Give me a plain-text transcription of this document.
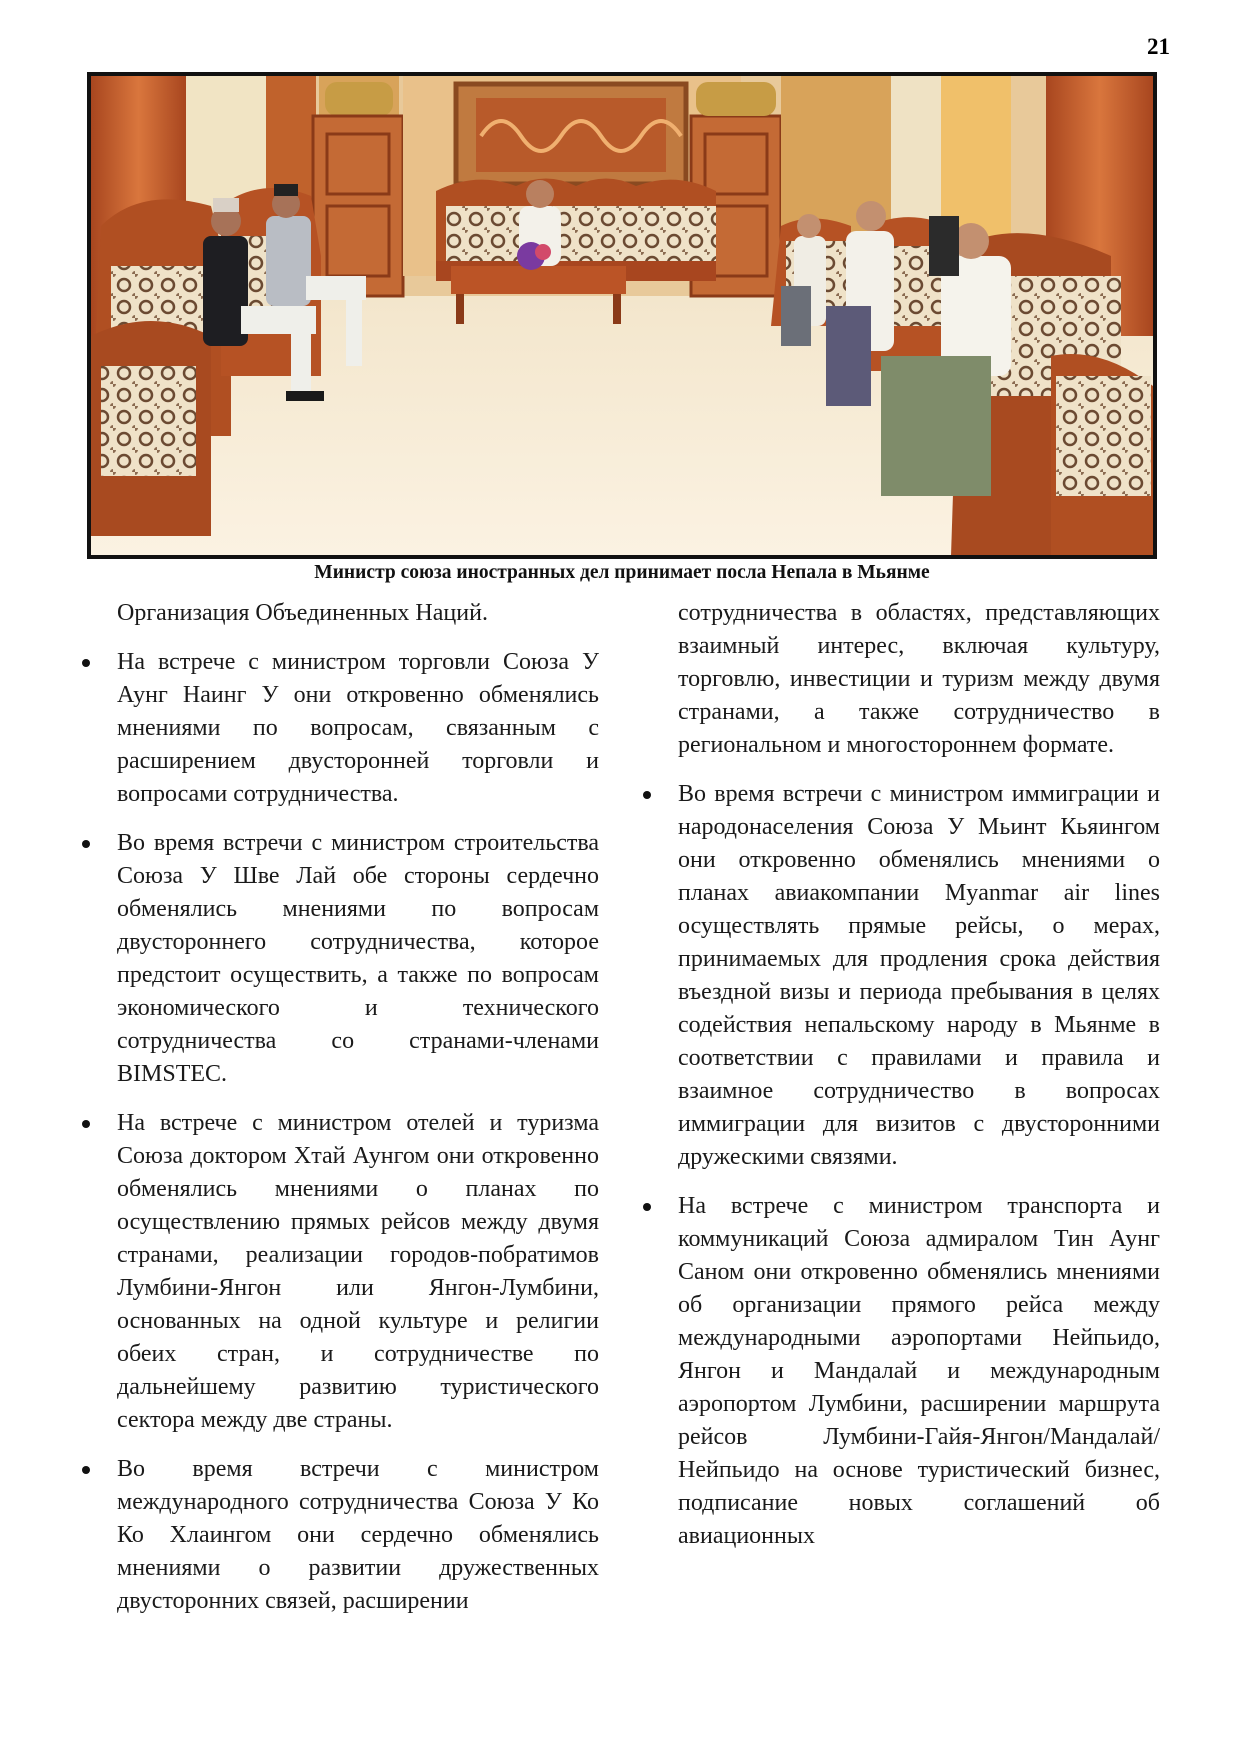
21
Министр союза иностранных дел принимает посла Непала в Мьянме

Организация Объединенных Наций.

На встрече с министром торговли Союза У Аунг Наинг У они откровенно обменялись мнениями по вопросам, связанным с расширением двусторонней торговли и вопросами сотрудничества.

Во время встречи с министром строительства Союза У Шве Лай обе стороны сердечно обменялись мнениями по вопросам двустороннего сотрудничества, которое предстоит осуществить, а также по вопросам экономического и технического сотрудничества со странами-членами BIMSTEC.

На встрече с министром отелей и туризма Союза доктором Хтай Аунгом они откровенно обменялись мнениями о планах по осуществлению прямых рейсов между двумя странами, реализации городов-побратимов Лумбини-Янгон или Янгон-Лумбини, основанных на одной культуре и религии обеих стран, и сотрудничестве по дальнейшему развитию туристического сектора между две страны.

Во время встречи с министром международного сотрудничества Союза У Ко Ко Хлаингом они сердечно обменялись мнениями о развитии дружественных двусторонних связей, расширении

сотрудничества в областях, представляющих взаимный интерес, включая культуру, торговлю, инвестиции и туризм между двумя странами, а также сотрудничество в региональном и многостороннем формате.

Во время встречи с министром иммиграции и народонаселения Союза У Мьинт Кьяингом они откровенно обменялись мнениями о планах авиакомпании Myanmar air lines осуществлять прямые рейсы, о мерах, принимаемых для продления срока действия въездной визы и периода пребывания в целях содействия непальскому народу в Мьянме в соответствии с правилами и правила и взаимное сотрудничество в вопросах иммиграции для визитов с двусторонними дружескими связями.

На встрече с министром транспорта и коммуникаций Союза адмиралом Тин Аунг Саном они откровенно обменялись мнениями об организации прямого рейса между международными аэропортами Нейпьидо, Янгон и Мандалай и международным аэропортом Лумбини, расширении маршрута рейсов Лумбини-Гайя-Янгон/Мандалай/ Нейпьидо на основе туристический бизнес, подписание новых соглашений об авиационных
